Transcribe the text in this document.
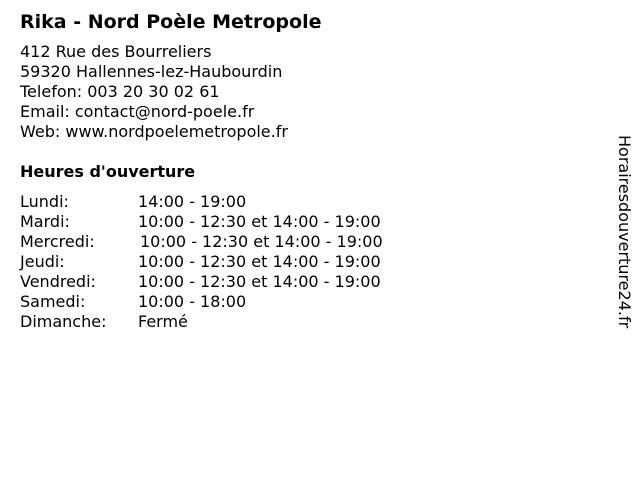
Rika - Nord Poèle Metropole
412 Rue des Bourreliers
59320 Hallennes-lez-Haubourdin
Telefon: 003 20 30 02 61
Email: contact@nord-poele.fr
Web: www.nordpoelemetropole.fr
Heures d'ouverture
Lundi:	14:00 - 19:00
Mardi:	10:00 - 12:30 et 14:00 - 19:00
Mercredi:	10:00 - 12:30 et 14:00 - 19:00
Jeudi:	10:00 - 12:30 et 14:00 - 19:00
Vendredi:	10:00 - 12:30 et 14:00 - 19:00
Samedi:	10:00 - 18:00
Dimanche:	Fermé	Horairesdouverture24.fr
